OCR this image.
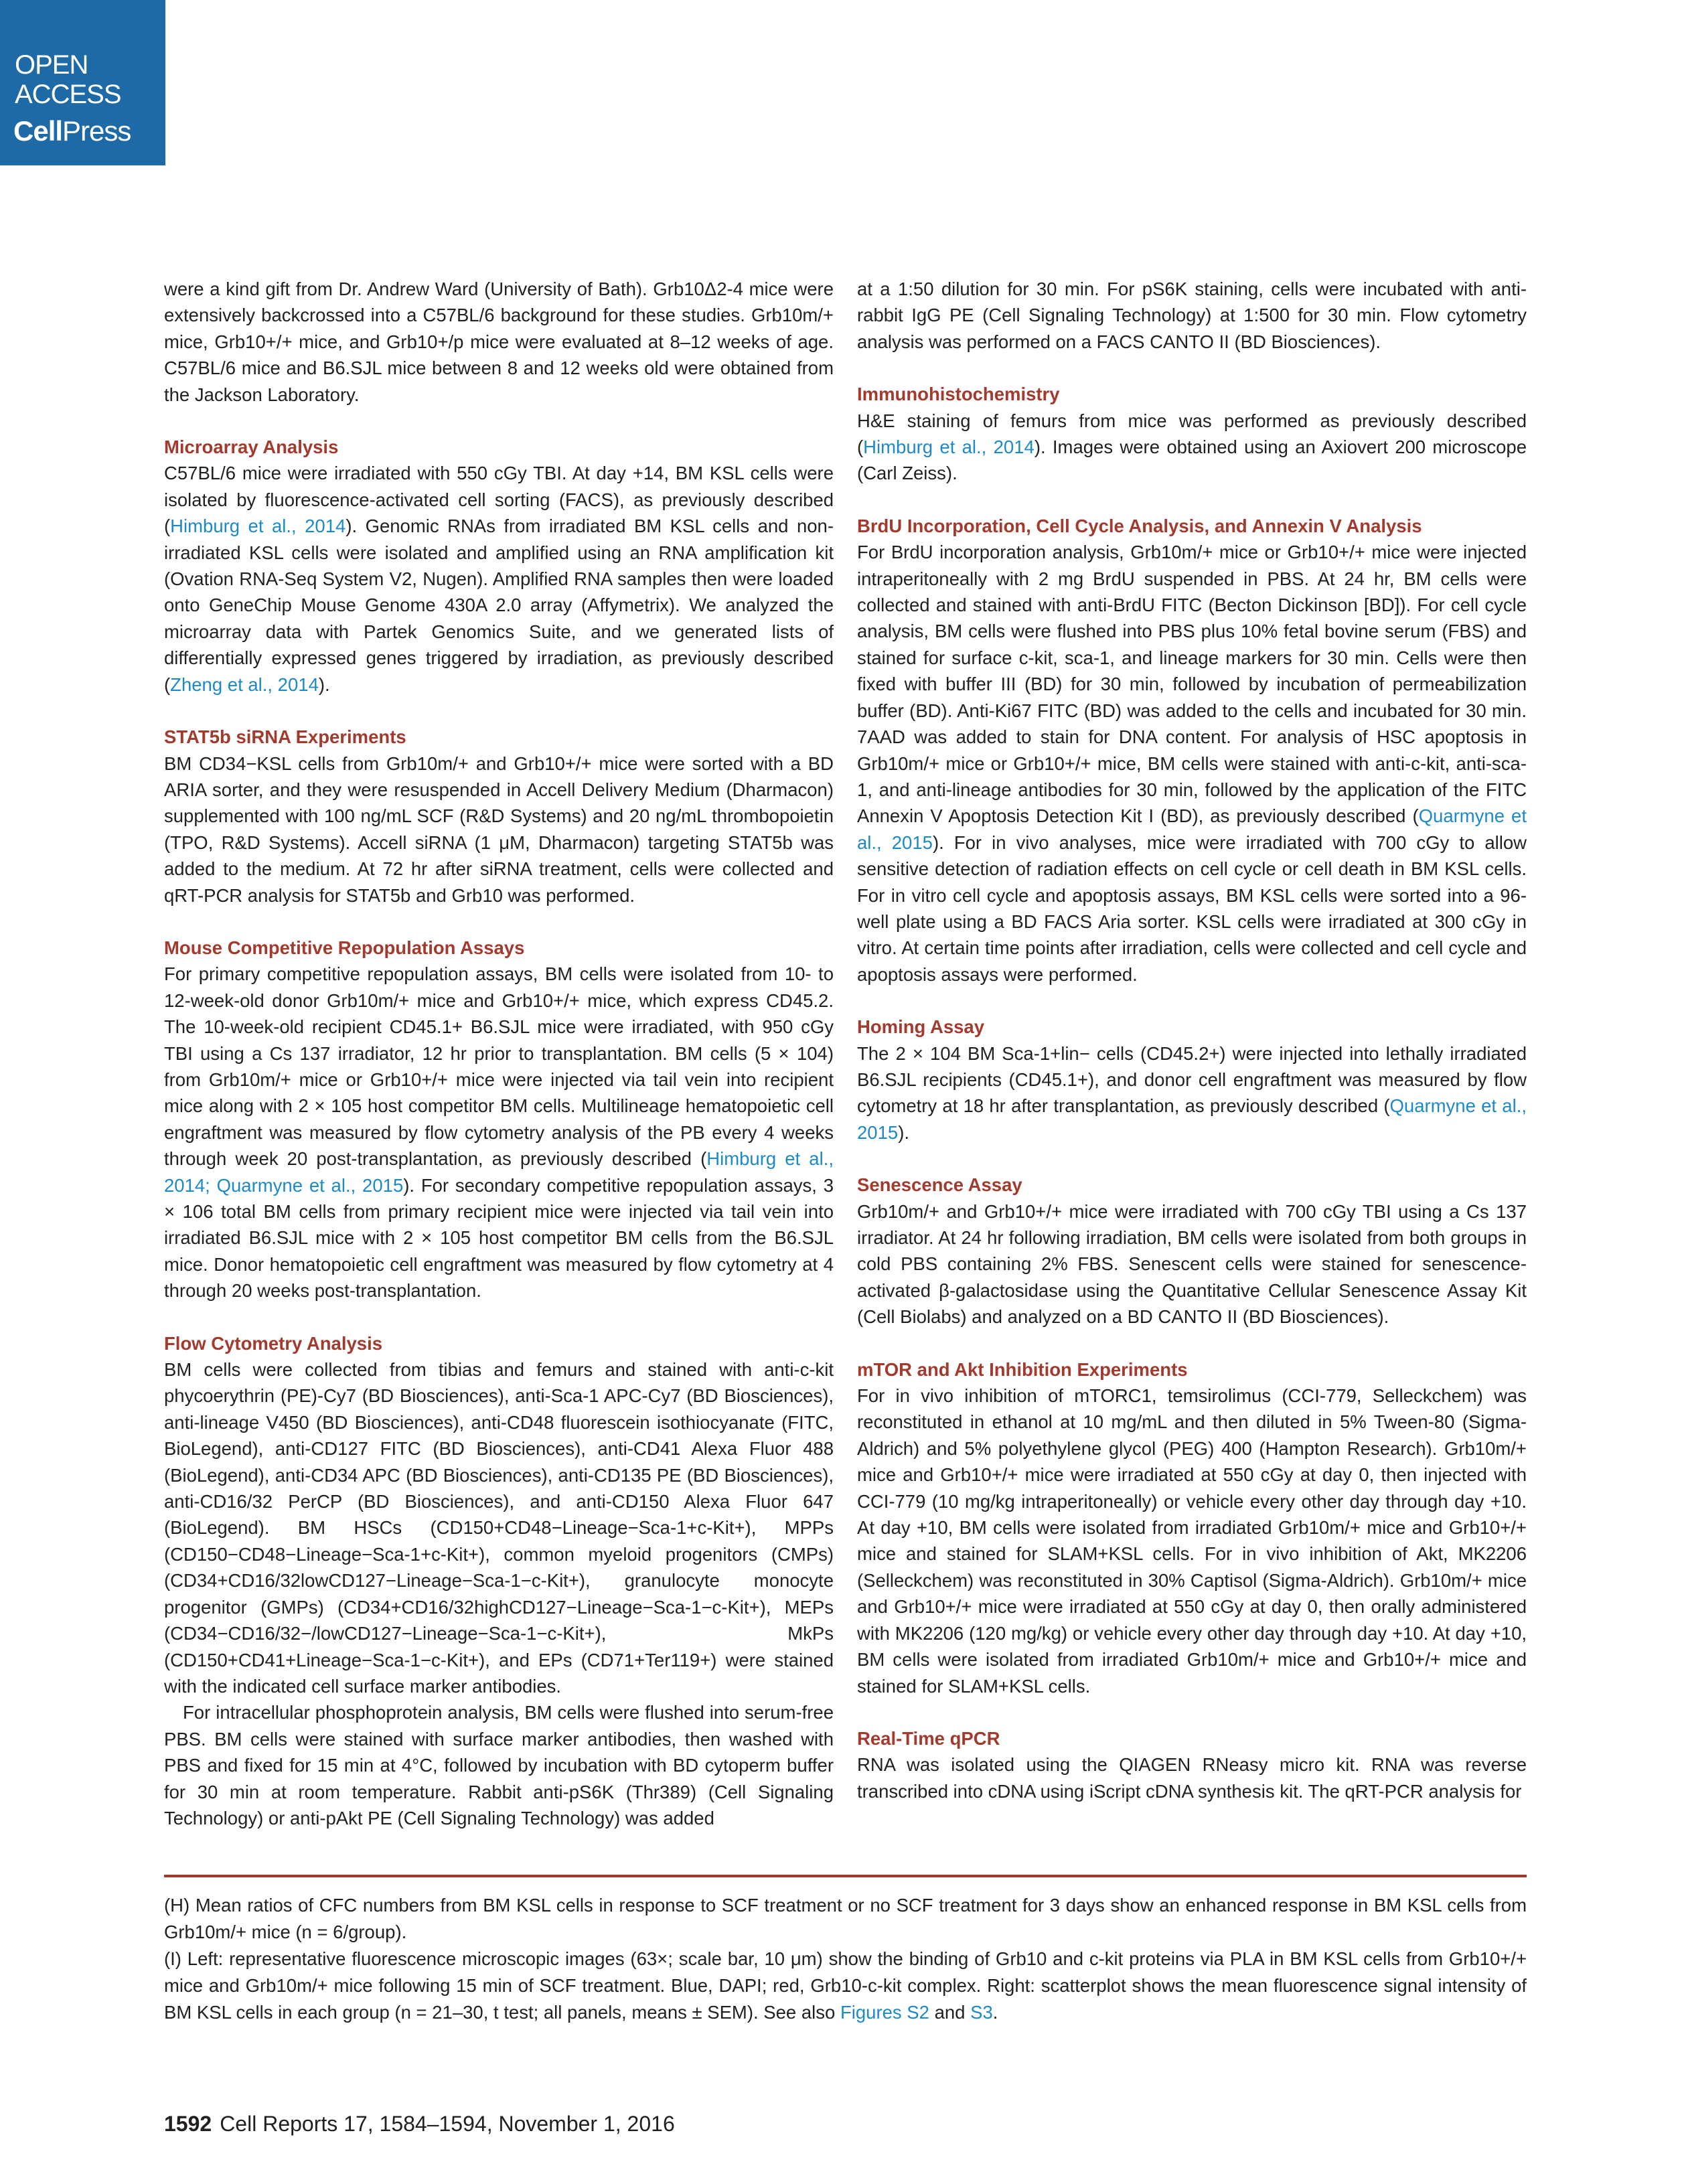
OPEN
ACCESS
CellPress

were a kind gift from Dr. Andrew Ward (University of Bath). Grb10Δ2-4 mice were extensively backcrossed into a C57BL/6 background for these studies. Grb10m/+ mice, Grb10+/+ mice, and Grb10+/p mice were evaluated at 8–12 weeks of age. C57BL/6 mice and B6.SJL mice between 8 and 12 weeks old were obtained from the Jackson Laboratory.

Microarray Analysis

C57BL/6 mice were irradiated with 550 cGy TBI. At day +14, BM KSL cells were isolated by fluorescence-activated cell sorting (FACS), as previously described (Himburg et al., 2014). Genomic RNAs from irradiated BM KSL cells and non-irradiated KSL cells were isolated and amplified using an RNA amplification kit (Ovation RNA-Seq System V2, Nugen). Amplified RNA samples then were loaded onto GeneChip Mouse Genome 430A 2.0 array (Affymetrix). We analyzed the microarray data with Partek Genomics Suite, and we generated lists of differentially expressed genes triggered by irradiation, as previously described (Zheng et al., 2014).

STAT5b siRNA Experiments

BM CD34−KSL cells from Grb10m/+ and Grb10+/+ mice were sorted with a BD ARIA sorter, and they were resuspended in Accell Delivery Medium (Dharmacon) supplemented with 100 ng/mL SCF (R&D Systems) and 20 ng/mL thrombopoietin (TPO, R&D Systems). Accell siRNA (1 μM, Dharmacon) targeting STAT5b was added to the medium. At 72 hr after siRNA treatment, cells were collected and qRT-PCR analysis for STAT5b and Grb10 was performed.

Mouse Competitive Repopulation Assays

For primary competitive repopulation assays, BM cells were isolated from 10- to 12-week-old donor Grb10m/+ mice and Grb10+/+ mice, which express CD45.2. The 10-week-old recipient CD45.1+ B6.SJL mice were irradiated, with 950 cGy TBI using a Cs 137 irradiator, 12 hr prior to transplantation. BM cells (5 × 104) from Grb10m/+ mice or Grb10+/+ mice were injected via tail vein into recipient mice along with 2 × 105 host competitor BM cells. Multilineage hematopoietic cell engraftment was measured by flow cytometry analysis of the PB every 4 weeks through week 20 post-transplantation, as previously described (Himburg et al., 2014; Quarmyne et al., 2015). For secondary competitive repopulation assays, 3 × 106 total BM cells from primary recipient mice were injected via tail vein into irradiated B6.SJL mice with 2 × 105 host competitor BM cells from the B6.SJL mice. Donor hematopoietic cell engraftment was measured by flow cytometry at 4 through 20 weeks post-transplantation.

Flow Cytometry Analysis

BM cells were collected from tibias and femurs and stained with anti-c-kit phycoerythrin (PE)-Cy7 (BD Biosciences), anti-Sca-1 APC-Cy7 (BD Biosciences), anti-lineage V450 (BD Biosciences), anti-CD48 fluorescein isothiocyanate (FITC, BioLegend), anti-CD127 FITC (BD Biosciences), anti-CD41 Alexa Fluor 488 (BioLegend), anti-CD34 APC (BD Biosciences), anti-CD135 PE (BD Biosciences), anti-CD16/32 PerCP (BD Biosciences), and anti-CD150 Alexa Fluor 647 (BioLegend). BM HSCs (CD150+CD48−Lineage−Sca-1+c-Kit+), MPPs (CD150−CD48−Lineage−Sca-1+c-Kit+), common myeloid progenitors (CMPs) (CD34+CD16/32lowCD127−Lineage−Sca-1−c-Kit+), granulocyte monocyte progenitor (GMPs) (CD34+CD16/32highCD127−Lineage−Sca-1−c-Kit+), MEPs (CD34−CD16/32−/lowCD127−Lineage−Sca-1−c-Kit+), MkPs (CD150+CD41+Lineage−Sca-1−c-Kit+), and EPs (CD71+Ter119+) were stained with the indicated cell surface marker antibodies.

For intracellular phosphoprotein analysis, BM cells were flushed into serum-free PBS. BM cells were stained with surface marker antibodies, then washed with PBS and fixed for 15 min at 4°C, followed by incubation with BD cytoperm buffer for 30 min at room temperature. Rabbit anti-pS6K (Thr389) (Cell Signaling Technology) or anti-pAkt PE (Cell Signaling Technology) was added

at a 1:50 dilution for 30 min. For pS6K staining, cells were incubated with anti-rabbit IgG PE (Cell Signaling Technology) at 1:500 for 30 min. Flow cytometry analysis was performed on a FACS CANTO II (BD Biosciences).

Immunohistochemistry

H&E staining of femurs from mice was performed as previously described (Himburg et al., 2014). Images were obtained using an Axiovert 200 microscope (Carl Zeiss).

BrdU Incorporation, Cell Cycle Analysis, and Annexin V Analysis

For BrdU incorporation analysis, Grb10m/+ mice or Grb10+/+ mice were injected intraperitoneally with 2 mg BrdU suspended in PBS. At 24 hr, BM cells were collected and stained with anti-BrdU FITC (Becton Dickinson [BD]). For cell cycle analysis, BM cells were flushed into PBS plus 10% fetal bovine serum (FBS) and stained for surface c-kit, sca-1, and lineage markers for 30 min. Cells were then fixed with buffer III (BD) for 30 min, followed by incubation of permeabilization buffer (BD). Anti-Ki67 FITC (BD) was added to the cells and incubated for 30 min. 7AAD was added to stain for DNA content. For analysis of HSC apoptosis in Grb10m/+ mice or Grb10+/+ mice, BM cells were stained with anti-c-kit, anti-sca-1, and anti-lineage antibodies for 30 min, followed by the application of the FITC Annexin V Apoptosis Detection Kit I (BD), as previously described (Quarmyne et al., 2015). For in vivo analyses, mice were irradiated with 700 cGy to allow sensitive detection of radiation effects on cell cycle or cell death in BM KSL cells. For in vitro cell cycle and apoptosis assays, BM KSL cells were sorted into a 96-well plate using a BD FACS Aria sorter. KSL cells were irradiated at 300 cGy in vitro. At certain time points after irradiation, cells were collected and cell cycle and apoptosis assays were performed.

Homing Assay

The 2 × 104 BM Sca-1+lin− cells (CD45.2+) were injected into lethally irradiated B6.SJL recipients (CD45.1+), and donor cell engraftment was measured by flow cytometry at 18 hr after transplantation, as previously described (Quarmyne et al., 2015).

Senescence Assay

Grb10m/+ and Grb10+/+ mice were irradiated with 700 cGy TBI using a Cs 137 irradiator. At 24 hr following irradiation, BM cells were isolated from both groups in cold PBS containing 2% FBS. Senescent cells were stained for senescence-activated β-galactosidase using the Quantitative Cellular Senescence Assay Kit (Cell Biolabs) and analyzed on a BD CANTO II (BD Biosciences).

mTOR and Akt Inhibition Experiments

For in vivo inhibition of mTORC1, temsirolimus (CCI-779, Selleckchem) was reconstituted in ethanol at 10 mg/mL and then diluted in 5% Tween-80 (Sigma-Aldrich) and 5% polyethylene glycol (PEG) 400 (Hampton Research). Grb10m/+ mice and Grb10+/+ mice were irradiated at 550 cGy at day 0, then injected with CCI-779 (10 mg/kg intraperitoneally) or vehicle every other day through day +10. At day +10, BM cells were isolated from irradiated Grb10m/+ mice and Grb10+/+ mice and stained for SLAM+KSL cells. For in vivo inhibition of Akt, MK2206 (Selleckchem) was reconstituted in 30% Captisol (Sigma-Aldrich). Grb10m/+ mice and Grb10+/+ mice were irradiated at 550 cGy at day 0, then orally administered with MK2206 (120 mg/kg) or vehicle every other day through day +10. At day +10, BM cells were isolated from irradiated Grb10m/+ mice and Grb10+/+ mice and stained for SLAM+KSL cells.

Real-Time qPCR

RNA was isolated using the QIAGEN RNeasy micro kit. RNA was reverse transcribed into cDNA using iScript cDNA synthesis kit. The qRT-PCR analysis for

(H) Mean ratios of CFC numbers from BM KSL cells in response to SCF treatment or no SCF treatment for 3 days show an enhanced response in BM KSL cells from Grb10m/+ mice (n = 6/group).

(I) Left: representative fluorescence microscopic images (63×; scale bar, 10 μm) show the binding of Grb10 and c-kit proteins via PLA in BM KSL cells from Grb10+/+ mice and Grb10m/+ mice following 15 min of SCF treatment. Blue, DAPI; red, Grb10-c-kit complex. Right: scatterplot shows the mean fluorescence signal intensity of BM KSL cells in each group (n = 21–30, t test; all panels, means ± SEM). See also Figures S2 and S3.

1592 Cell Reports 17, 1584–1594, November 1, 2016
